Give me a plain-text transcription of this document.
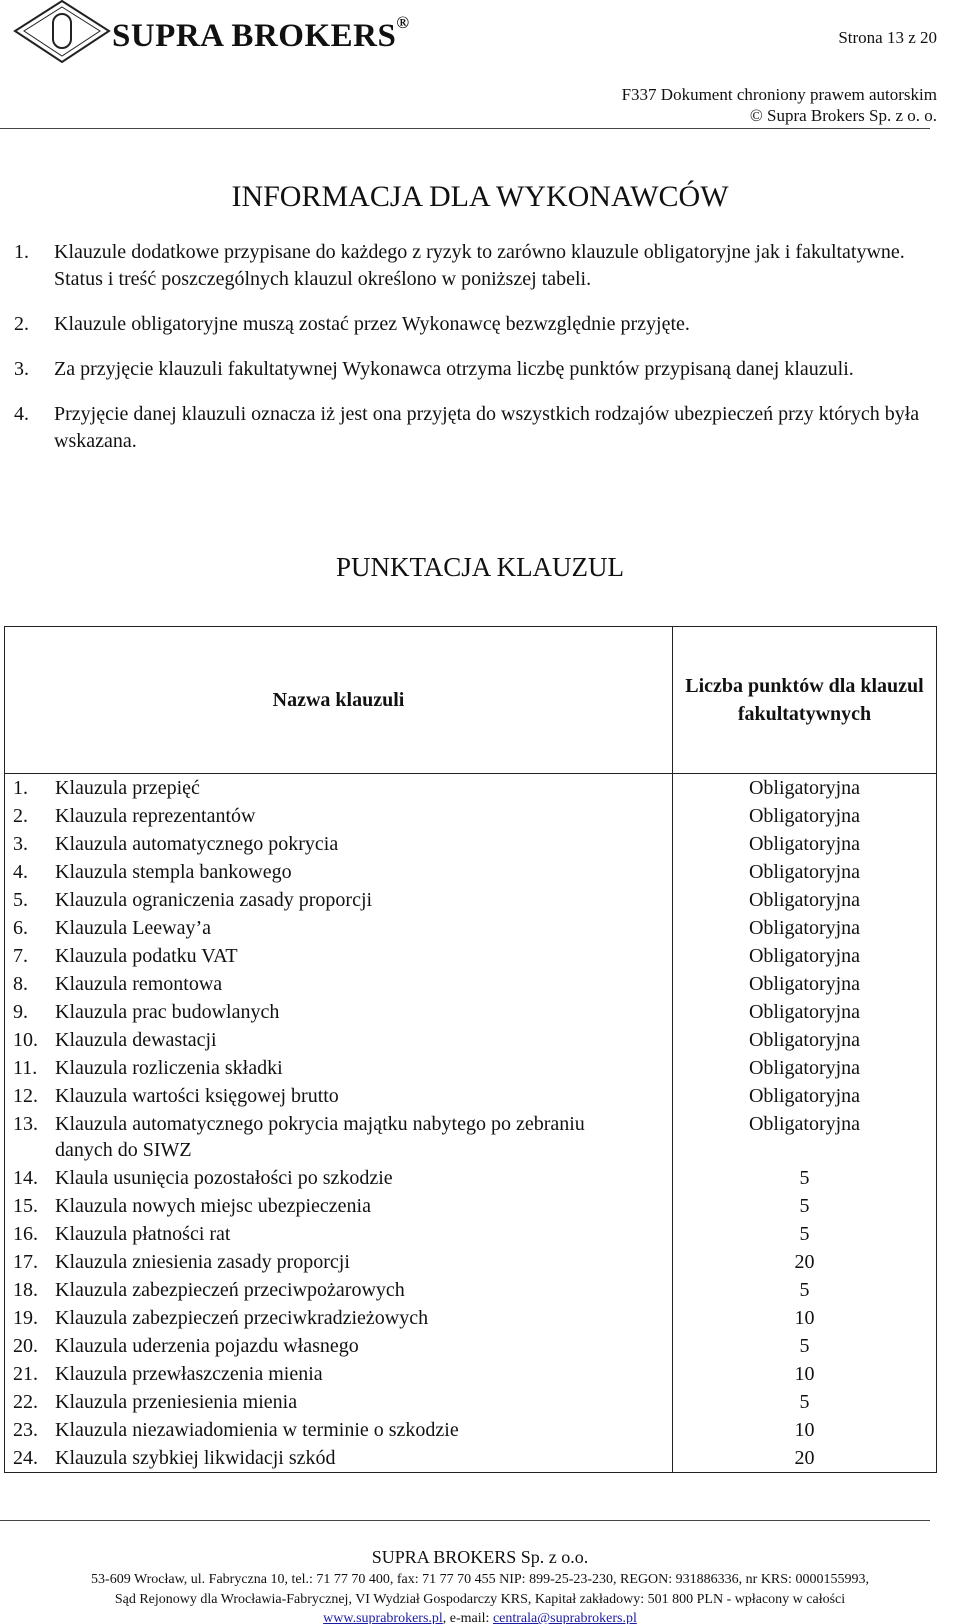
SUPRA BROKERS®
Strona 13 z 20
F337 Dokument chroniony prawem autorskim
© Supra Brokers Sp. z o. o.
INFORMACJA DLA WYKONAWCÓW
1.	Klauzule dodatkowe przypisane do każdego z ryzyk to zarówno klauzule obligatoryjne jak i fakultatywne. Status i treść poszczególnych klauzul określono w poniższej tabeli.
2.	Klauzule obligatoryjne muszą zostać przez Wykonawcę bezwzględnie przyjęte.
3.	Za przyjęcie klauzuli fakultatywnej Wykonawca otrzyma liczbę punktów przypisaną danej klauzuli.
4.	Przyjęcie danej klauzuli oznacza iż jest ona przyjęta do wszystkich rodzajów ubezpieczeń przy których była wskazana.
PUNKTACJA KLAUZUL
Nazwa klauzuli	Liczba punktów dla klauzul fakultatywnych
1. Klauzula przepięć	Obligatoryjna
2. Klauzula reprezentantów	Obligatoryjna
3. Klauzula automatycznego pokrycia	Obligatoryjna
4. Klauzula stempla bankowego	Obligatoryjna
5. Klauzula ograniczenia zasady proporcji	Obligatoryjna
6. Klauzula Leeway’a	Obligatoryjna
7. Klauzula podatku VAT	Obligatoryjna
8. Klauzula remontowa	Obligatoryjna
9. Klauzula prac budowlanych	Obligatoryjna
10. Klauzula dewastacji	Obligatoryjna
11. Klauzula rozliczenia składki	Obligatoryjna
12. Klauzula wartości księgowej brutto	Obligatoryjna
13. Klauzula automatycznego pokrycia majątku nabytego po zebraniu danych do SIWZ	Obligatoryjna
14. Klaula usunięcia pozostałości po szkodzie	5
15. Klauzula nowych miejsc ubezpieczenia	5
16. Klauzula płatności rat	5
17. Klauzula zniesienia zasady proporcji	20
18. Klauzula zabezpieczeń przeciwpożarowych	5
19. Klauzula zabezpieczeń przeciwkradzieżowych	10
20. Klauzula uderzenia pojazdu własnego	5
21. Klauzula przewłaszczenia mienia	10
22. Klauzula przeniesienia mienia	5
23. Klauzula niezawiadomienia w terminie o szkodzie	10
24. Klauzula szybkiej likwidacji szkód	20
SUPRA BROKERS Sp. z o.o.
53-609 Wrocław, ul. Fabryczna 10, tel.: 71 77 70 400, fax: 71 77 70 455 NIP: 899-25-23-230, REGON: 931886336, nr KRS: 0000155993,
Sąd Rejonowy dla Wrocławia-Fabrycznej, VI Wydział Gospodarczy KRS, Kapitał zakładowy: 501 800 PLN - wpłacony w całości
www.suprabrokers.pl, e-mail: centrala@suprabrokers.pl
